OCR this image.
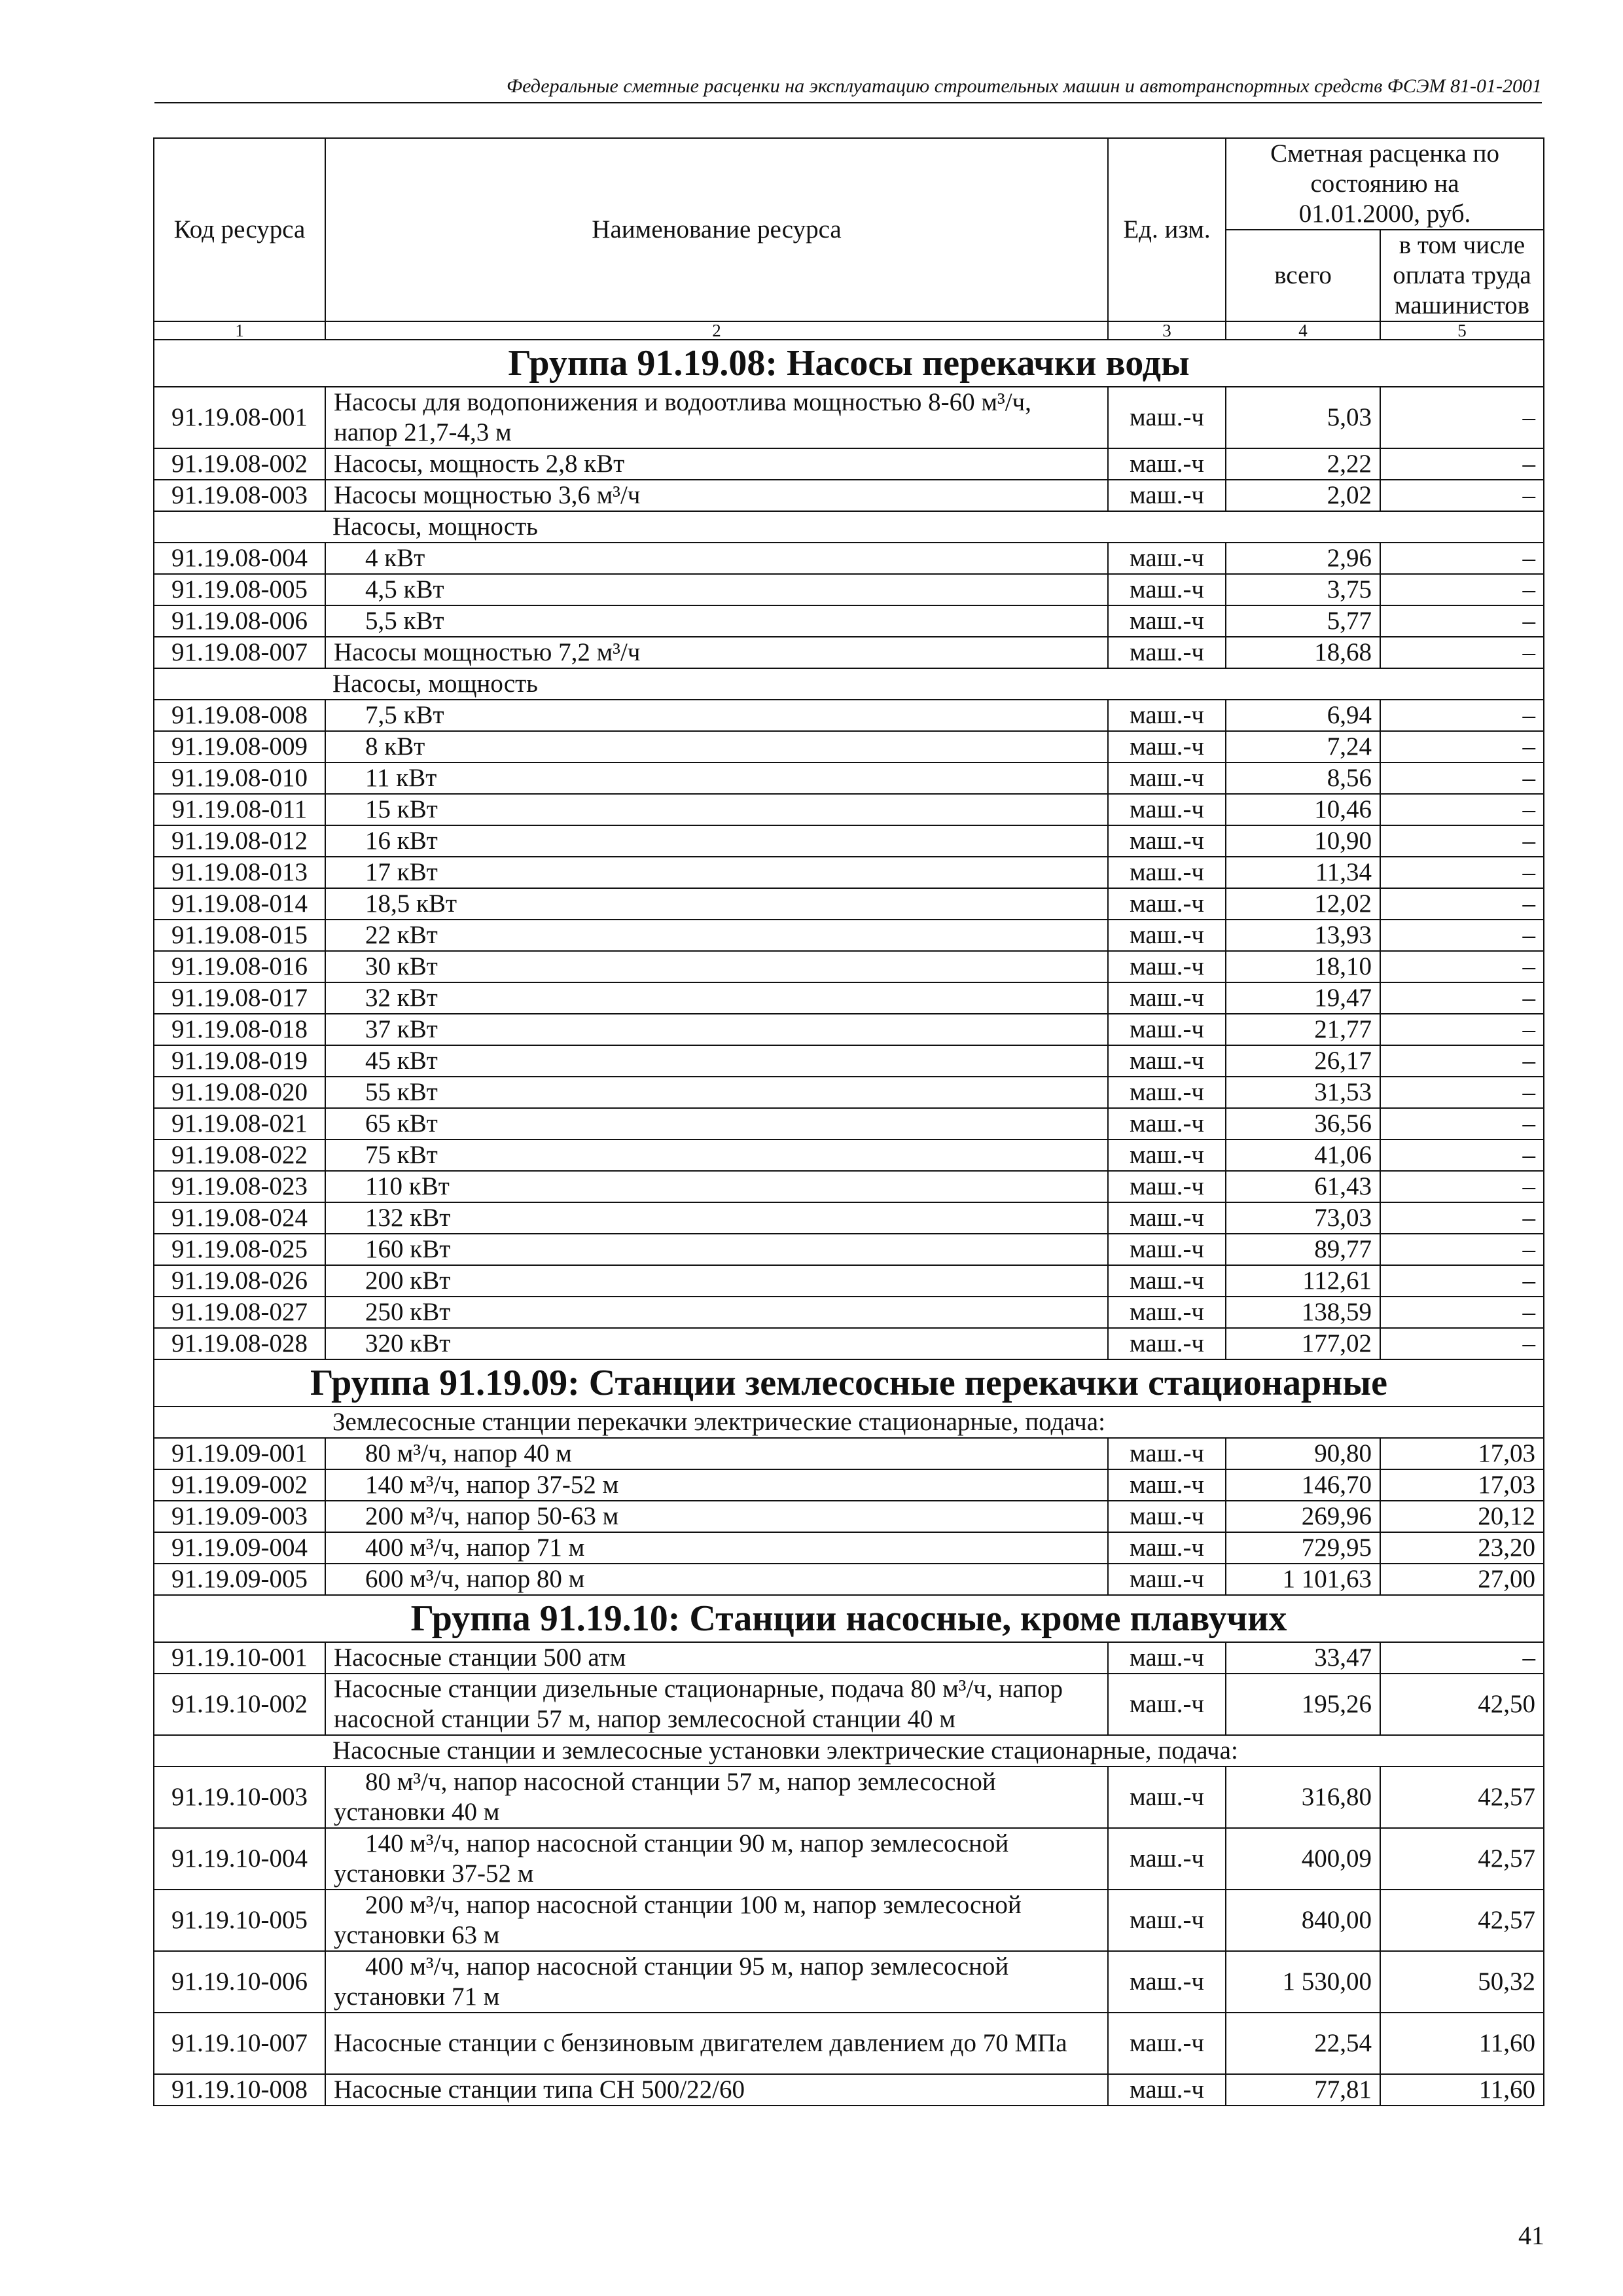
Федеральные сметные расценки на эксплуатацию строительных машин и автотранспортных средств ФСЭМ 81-01-2001
Код ресурса	Наименование ресурса	Ед. изм.	Сметная расценка по состоянию на 01.01.2000, руб.	
			всего	в том числе оплата труда машинистов
1	2	3	4	5
Группа 91.19.08: Насосы перекачки воды				
91.19.08-001	Насосы для водопонижения и водоотлива мощностью 8-60 м³/ч, напор 21,7-4,3 м	маш.-ч	5,03	–
91.19.08-002	Насосы, мощность 2,8 кВт	маш.-ч	2,22	–
91.19.08-003	Насосы мощностью 3,6 м³/ч	маш.-ч	2,02	–
Насосы, мощность				
91.19.08-004	4 кВт	маш.-ч	2,96	–
91.19.08-005	4,5 кВт	маш.-ч	3,75	–
91.19.08-006	5,5 кВт	маш.-ч	5,77	–
91.19.08-007	Насосы мощностью 7,2 м³/ч	маш.-ч	18,68	–
Насосы, мощность				
91.19.08-008	7,5 кВт	маш.-ч	6,94	–
91.19.08-009	8 кВт	маш.-ч	7,24	–
91.19.08-010	11 кВт	маш.-ч	8,56	–
91.19.08-011	15 кВт	маш.-ч	10,46	–
91.19.08-012	16 кВт	маш.-ч	10,90	–
91.19.08-013	17 кВт	маш.-ч	11,34	–
91.19.08-014	18,5 кВт	маш.-ч	12,02	–
91.19.08-015	22 кВт	маш.-ч	13,93	–
91.19.08-016	30 кВт	маш.-ч	18,10	–
91.19.08-017	32 кВт	маш.-ч	19,47	–
91.19.08-018	37 кВт	маш.-ч	21,77	–
91.19.08-019	45 кВт	маш.-ч	26,17	–
91.19.08-020	55 кВт	маш.-ч	31,53	–
91.19.08-021	65 кВт	маш.-ч	36,56	–
91.19.08-022	75 кВт	маш.-ч	41,06	–
91.19.08-023	110 кВт	маш.-ч	61,43	–
91.19.08-024	132 кВт	маш.-ч	73,03	–
91.19.08-025	160 кВт	маш.-ч	89,77	–
91.19.08-026	200 кВт	маш.-ч	112,61	–
91.19.08-027	250 кВт	маш.-ч	138,59	–
91.19.08-028	320 кВт	маш.-ч	177,02	–
Группа 91.19.09: Станции землесосные перекачки стационарные				
Землесосные станции перекачки электрические стационарные, подача:				
91.19.09-001	80 м³/ч, напор 40 м	маш.-ч	90,80	17,03
91.19.09-002	140 м³/ч, напор 37-52 м	маш.-ч	146,70	17,03
91.19.09-003	200 м³/ч, напор 50-63 м	маш.-ч	269,96	20,12
91.19.09-004	400 м³/ч, напор 71 м	маш.-ч	729,95	23,20
91.19.09-005	600 м³/ч, напор 80 м	маш.-ч	1 101,63	27,00
Группа 91.19.10: Станции насосные, кроме плавучих				
91.19.10-001	Насосные станции 500 атм	маш.-ч	33,47	–
91.19.10-002	Насосные станции дизельные стационарные, подача 80 м³/ч, напор насосной станции 57 м, напор землесосной станции 40 м	маш.-ч	195,26	42,50
Насосные станции и землесосные установки электрические стационарные, подача:				
91.19.10-003	80 м³/ч, напор насосной станции 57 м, напор землесосной установки 40 м	маш.-ч	316,80	42,57
91.19.10-004	140 м³/ч, напор насосной станции 90 м, напор землесосной установки 37-52 м	маш.-ч	400,09	42,57
91.19.10-005	200 м³/ч, напор насосной станции 100 м, напор землесосной установки 63 м	маш.-ч	840,00	42,57
91.19.10-006	400 м³/ч, напор насосной станции 95 м, напор землесосной установки 71 м	маш.-ч	1 530,00	50,32
91.19.10-007	Насосные станции с бензиновым двигателем давлением до 70 МПа	маш.-ч	22,54	11,60
91.19.10-008	Насосные станции типа СН 500/22/60	маш.-ч	77,81	11,60
41
